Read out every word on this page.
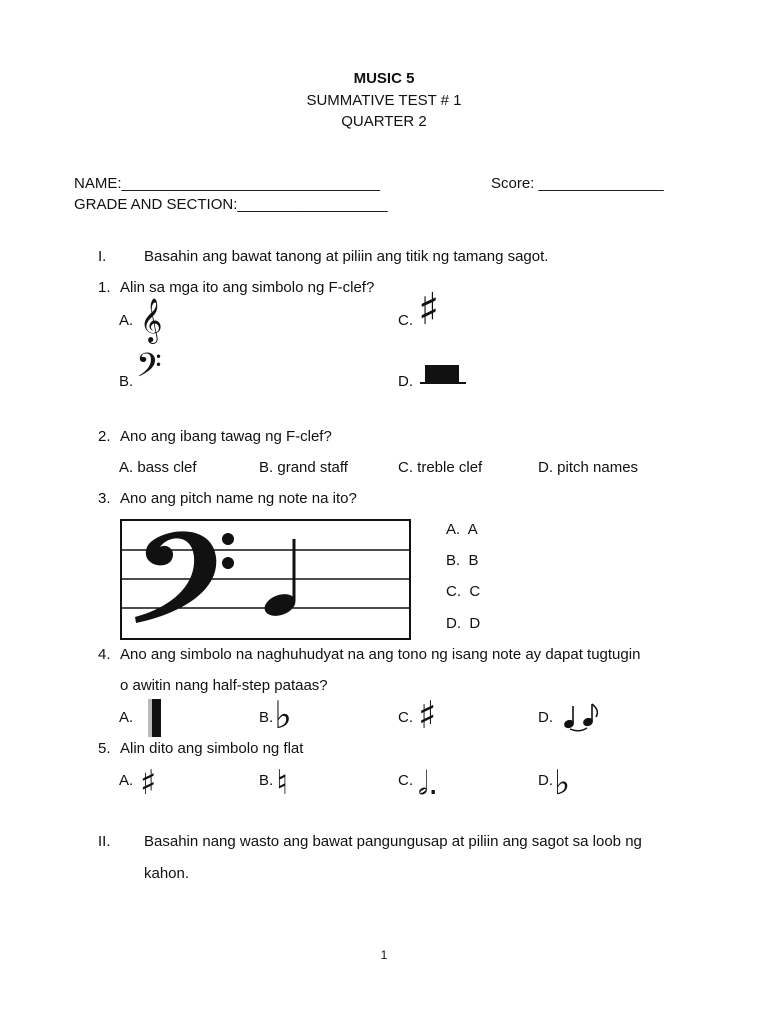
MUSIC 5
SUMMATIVE TEST # 1
QUARTER 2
NAME:_______________________________	Score: _______________
GRADE AND SECTION:__________________
I.	Basahin ang bawat tanong at piliin ang titik ng tamang sagot.
1. Alin sa mga ito ang simbolo ng F-clef?
A. 𝄞	C. ♯
B. 𝄢	D.
2. Ano ang ibang tawag ng F-clef?
A. bass clef	B. grand staff	C. treble clef	D. pitch names
3. Ano ang pitch name ng note na ito?
A. A
B. B
C. C
D. D
4. Ano ang simbolo na naghuhudyat na ang tono ng isang note ay dapat tugtugin
o awitin nang half-step pataas?
A.	B. ♭	C. ♯	D.
5. Alin dito ang simbolo ng flat
A. ♯	B. ♮	C. 𝅗𝅥.	D. ♭
II. Basahin nang wasto ang bawat pangungusap at piliin ang sagot sa loob ng
kahon.
1
